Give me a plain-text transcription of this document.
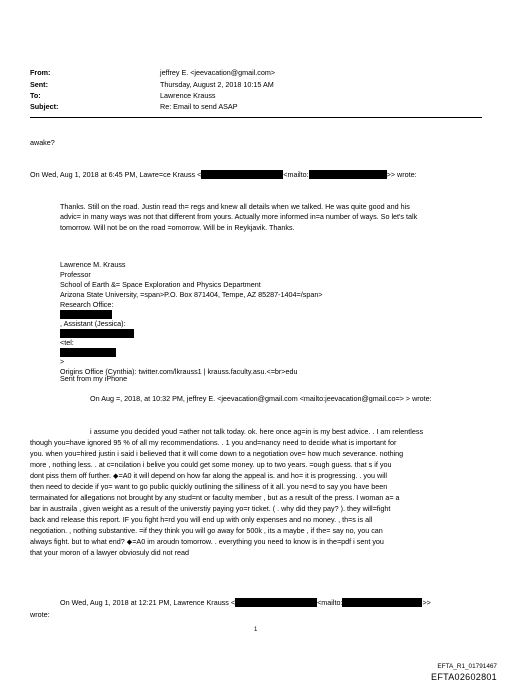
From:	jeffrey E. <jeevacation@gmail.com>
Sent:	Thursday, August 2, 2018 10:15 AM
To:	Lawrence Krauss
Subject:	Re: Email to send ASAP
awake?
On Wed, Aug 1, 2018 at 6:45 PM, Lawre=ce Krauss <	<mailto:	>> wrote:
Thanks. Still on the road. Justin read th= regs and knew all details when we talked. He was quite good and his
advic= in many ways was not that different from yours. Actually more informed in=a number of ways. So let's talk
tomorrow. Will not be on the road =omorrow. Will be in Reykjavik. Thanks.
Lawrence M. Krauss
Professor
School of Earth &= Space Exploration and Physics Department
Arizona State University, =span>P.O. Box 871404, Tempe, AZ 85287-1404=/span>
Research Office:
, Assistant (Jessica):
<tel:
>
Origins Office (Cynthia): twitter.com/lkrauss1 | krauss.faculty.asu.<=br>edu
Sent from my iPhone
On Aug =, 2018, at 10:32 PM, jeffrey E. <jeevacation@gmail.com <mailto:jeevacation@gmail.co=> > wrote:
i assume you decided youd =ather not talk today. ok. here once ag=in is my best advice. . I am relentless
though you=have ignored 95 % of all my recommendations. . 1 you and=nancy need to decide what is important for
you. when you=hired justin i said i believed that it will come down to a negotiation ove= how much severance. nothing
more , nothing less. . at c=ncilation i belive you could get some money. up to two years. =ough guess. that s if you
dont piss them off further. ◆=A0 it will depend on how far along the appeal is. and ho= it is progressing. . you will
then need to decide if yo= want to go public quickly outlining the silliness of it all. you ne=d to say you have been
termainated for allegations not brought by any stud=nt or faculty member , but as a result of the press. I woman a= a
bar in austraila , given weight as a result of the universtiy paying yo=r ticket. ( . why did they pay? ). they will=fight
back and release this report. IF you fight h=rd you will end up with only expenses and no money. , th=s is all
negotiation. , nothing substantive. =if they think you will go away for 500k , its a maybe , if the= say no, you can
always fight. but to what end? ◆=A0 im aroudn tomorrow. . everything you need to know is in the=pdf i sent you
that your moron of a lawyer obviosuly did not read
On Wed, Aug 1, 2018 at 12:21 PM, Lawrence Krauss <	<mailto:	>>
wrote:
1
EFTA_R1_01791467
EFTA02602801
